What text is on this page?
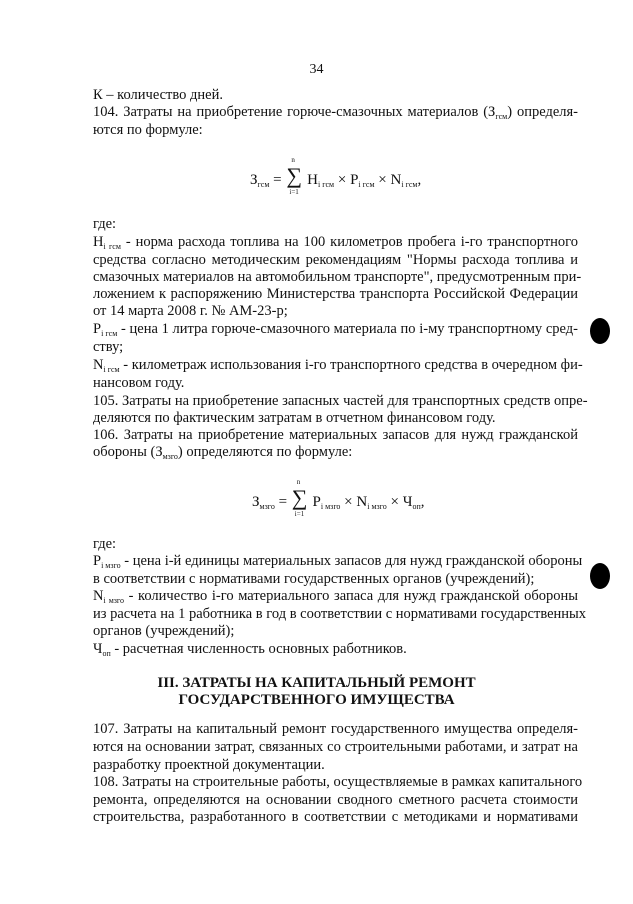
34
К – количество дней.
104. Затраты на приобретение горюче-смазочных материалов $(З_{гсм})$ определя-
ются по формуле:
$З_{гсм}$ =
n
∑
i=1
$Н_{i гсм} \times Р_{i гсм} \times N_{i гсм}$,
где:
$Н_{i гсм}$ - норма расхода топлива на 100 километров пробега i-го транспортного
средства согласно методическим рекомендациям "Нормы расхода топлива и
смазочных материалов на автомобильном транспорте", предусмотренным при-
ложением к распоряжению Министерства транспорта Российской Федерации
от 14 марта 2008 г. № АМ-23-р;
$Р_{i гсм}$ - цена 1 литра горюче-смазочного материала по i-му транспортному сред-
ству;
$N_{i гсм}$ - километраж использования i-го транспортного средства в очередном фи-
нансовом году.
105. Затраты на приобретение запасных частей для транспортных средств опре-
деляются по фактическим затратам в отчетном финансовом году.
106. Затраты на приобретение материальных запасов для нужд гражданской
обороны $(З_{мзго})$ определяются по формуле:
$З_{мзго}$ =
n
∑
i=1
$Р_{i мзго} \times N_{i мзго} \times Ч_{оп}$,
где:
$Р_{i мзго}$ - цена i-й единицы материальных запасов для нужд гражданской обороны
в соответствии с нормативами государственных органов (учреждений);
$N_{i мзго}$ - количество i-го материального запаса для нужд гражданской обороны
из расчета на 1 работника в год в соответствии с нормативами государственных
органов (учреждений);
$Ч_{оп}$ - расчетная численность основных работников.
III. ЗАТРАТЫ НА КАПИТАЛЬНЫЙ РЕМОНТ
ГОСУДАРСТВЕННОГО ИМУЩЕСТВА
107. Затраты на капитальный ремонт государственного имущества определя-
ются на основании затрат, связанных со строительными работами, и затрат на
разработку проектной документации.
108. Затраты на строительные работы, осуществляемые в рамках капитального
ремонта, определяются на основании сводного сметного расчета стоимости
строительства, разработанного в соответствии с методиками и нормативами
